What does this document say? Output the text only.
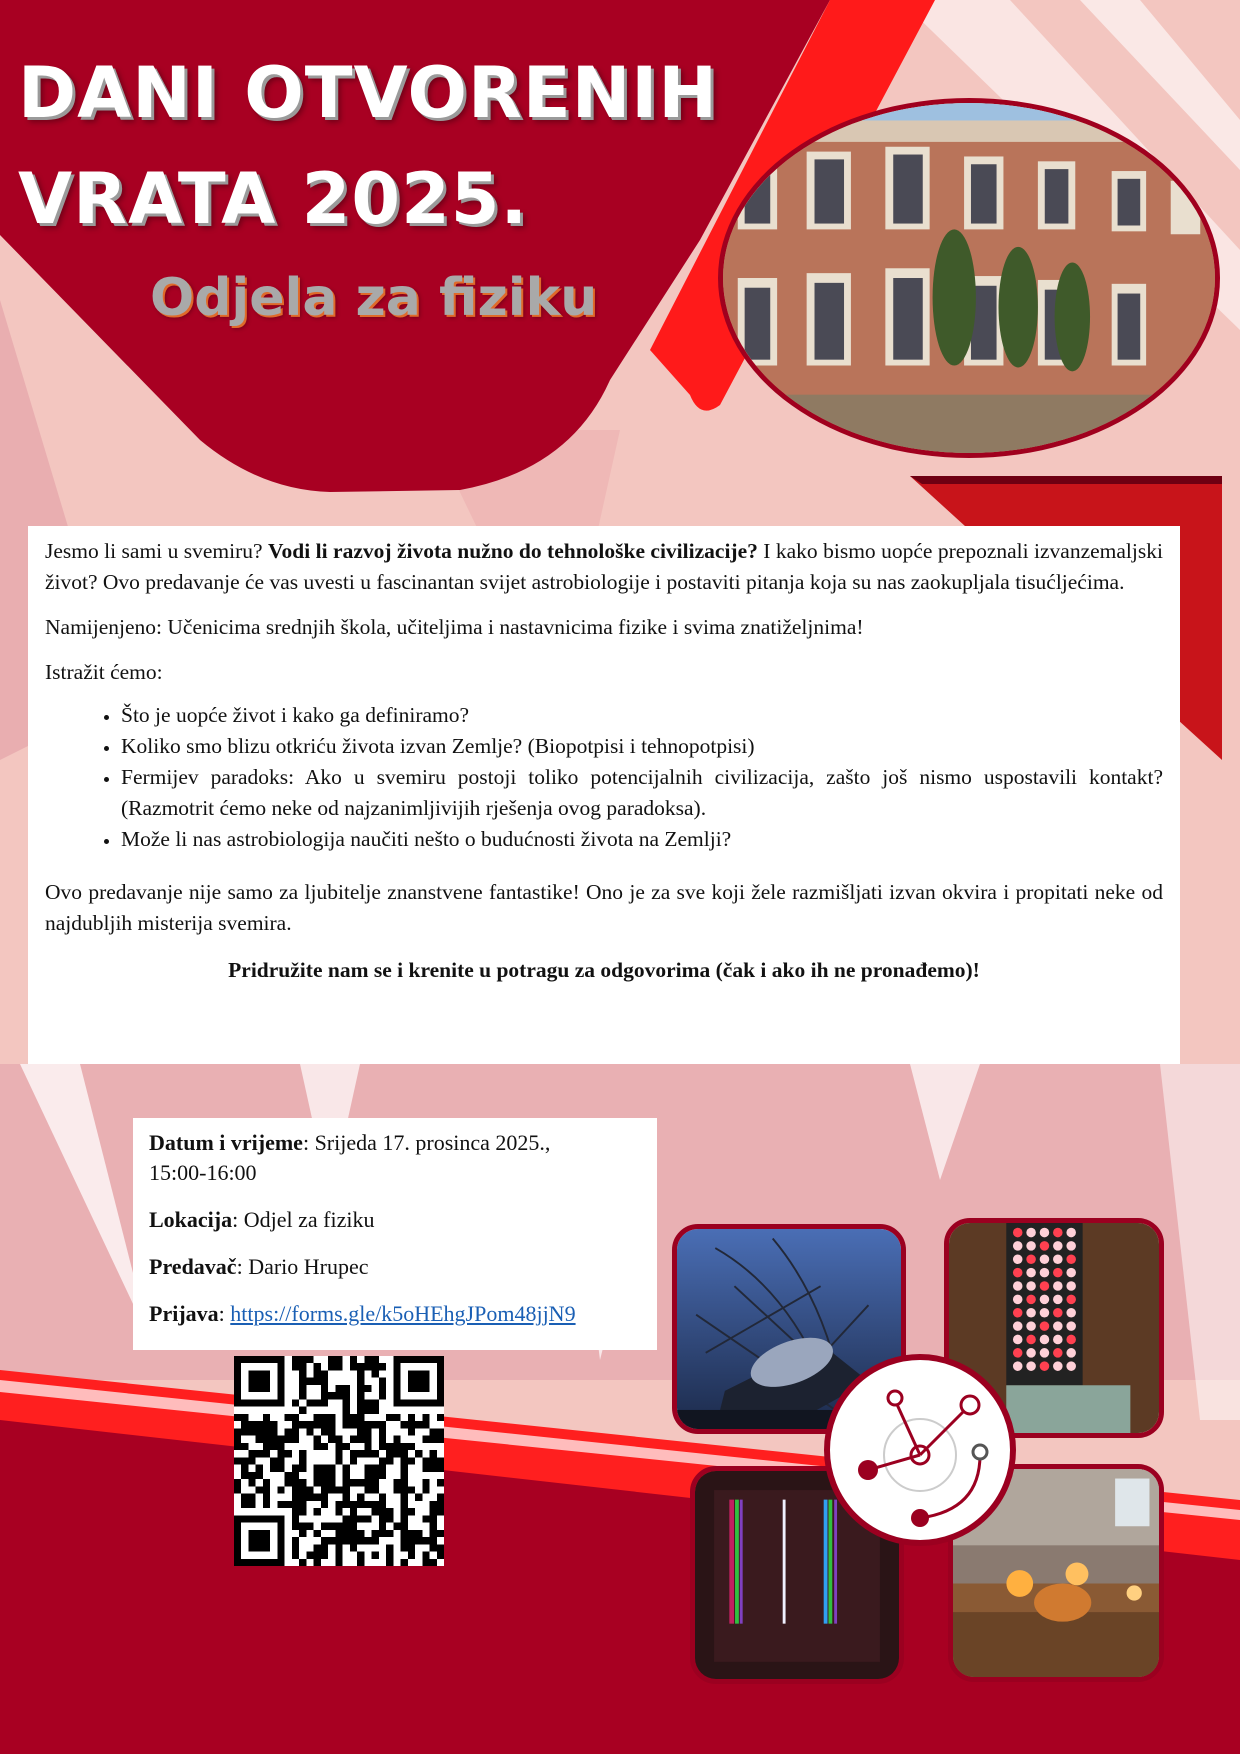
DANI OTVORENIH
VRATA 2025.
Odjela za fiziku

Jesmo li sami u svemiru? Vodi li razvoj života nužno do tehnološke civilizacije? I kako bismo uopće prepoznali izvanzemaljski život? Ovo predavanje će vas uvesti u fascinantan svijet astrobiologije i postaviti pitanja koja su nas zaokupljala tisućljećima.

Namijenjeno: Učenicima srednjih škola, učiteljima i nastavnicima fizike i svima znatiželjnima!

Istražit ćemo:

• Što je uopće život i kako ga definiramo?
• Koliko smo blizu otkriću života izvan Zemlje? (Biopotpisi i tehnopotpisi)
• Fermijev paradoks: Ako u svemiru postoji toliko potencijalnih civilizacija, zašto još nismo uspostavili kontakt? (Razmotrit ćemo neke od najzanimljivijih rješenja ovog paradoksa).
• Može li nas astrobiologija naučiti nešto o budućnosti života na Zemlji?

Ovo predavanje nije samo za ljubitelje znanstvene fantastike! Ono je za sve koji žele razmišljati izvan okvira i propitati neke od najdubljih misterija svemira.

Pridružite nam se i krenite u potragu za odgovorima (čak i ako ih ne pronađemo)!

Datum i vrijeme: Srijeda 17. prosinca 2025.,
15:00-16:00

Lokacija: Odjel za fiziku

Predavač: Dario Hrupec

Prijava: https://forms.gle/k5oHEhgJPom48jjN9
